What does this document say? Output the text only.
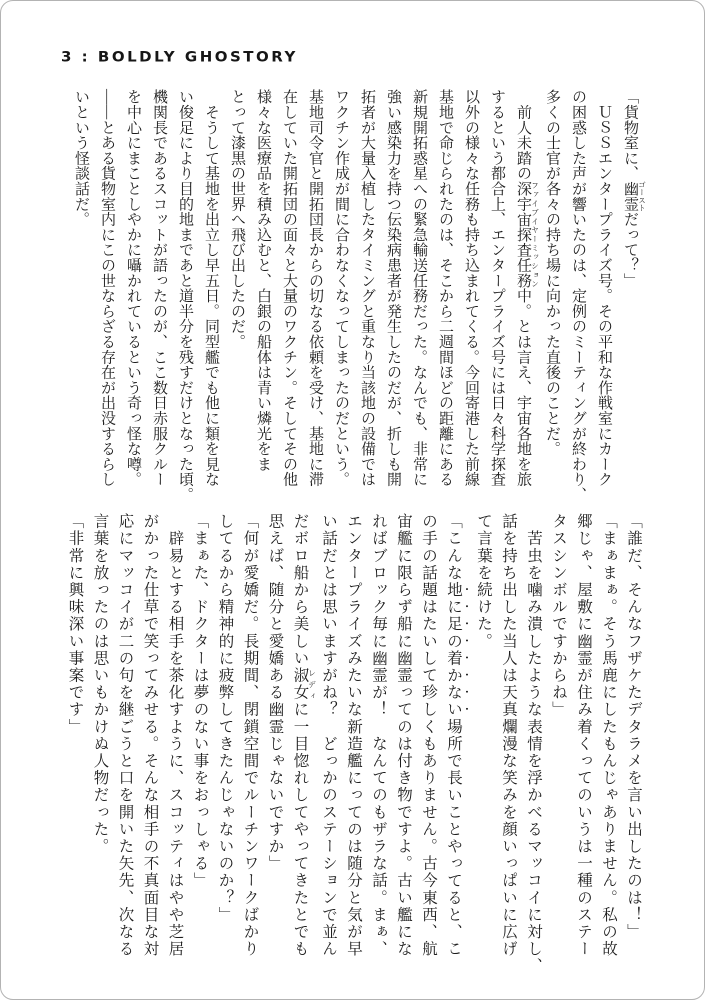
3 : BOLDLY GHOSTORY

「貨物室に、幽霊 ゴーストだって？」

　ＵＳＳエンタープライズ号。その平和な作戦室にカーク

の困惑した声が響いたのは、定例のミーティングが終わり、

多くの士官が各々の持ち場に向かった直後のことだ。

　前人未踏の深宇宙探査任務 ファイブイヤーミッション中。とは言え、宇宙各地を旅

するという都合上、エンタープライズ号には日々科学探査

以外の様々な任務も持ち込まれてくる。今回寄港した前線

基地で命じられたのは、そこから二週間ほどの距離にある

新規開拓惑星への緊急輸送任務だった。なんでも、非常に

強い感染力を持つ伝染病患者が発生したのだが、折しも開

拓者が大量入植したタイミングと重なり当該地の設備では

ワクチン作成が間に合わなくなってしまったのだという。

基地司令官と開拓団長からの切なる依頼を受け、基地に滞

在していた開拓団の面々と大量のワクチン。そしてその他

様々な医療品を積み込むと、白銀の船体は青い燐光をま

とって漆黒の世界へ飛び出したのだ。

　そうして基地を出立し早五日。同型艦でも他に類を見な

い俊足により目的地まであと道半分を残すだけとなった頃。

機関長であるスコットが語ったのが、ここ数日赤服クルー

を中心にまことしやかに囁かれているという奇っ怪な噂。

——とある貨物室内にこの世ならざる存在が出没するらし

いという怪談話だ。

「誰だ、そんなフザケたデタラメを言い出したのは！」

「まぁまぁ。そう馬鹿にしたもんじゃありません。私の故

郷じゃ、屋敷に幽霊が住み着くってのいうは一種のステー

タスシンボルですからね」

　苦虫を噛み潰したような表情を浮かべるマッコイに対し、

話を持ち出した当人は天真爛漫な笑みを顔いっぱいに広げ

て言葉を続けた。

「こんな地に足の着かない場所で長いことやってると、こ

の手の話題はたいして珍しくもありません。古今東西、航

宙艦に限らず船に幽霊ってのは付き物ですよ。古い艦にな

ればブロック毎に幽霊が！　なんてのもザラな話。まぁ、

エンタープライズみたいな新造艦にってのは随分と気が早

い話だとは思いますがね？　どっかのステーションで並ん

だボロ船から美しい淑女 レディに一目惚れしてやってきたとでも

思えば、随分と愛嬌ある幽霊じゃないですか」

「何が愛嬌だ。長期間、閉鎖空間でルーチンワークばかり

してるから精神的に疲弊してきたんじゃないのか？」

「まぁた、ドクターは夢のない事をおっしゃる」

　辟易とする相手を茶化すように、スコッティはやや芝居

がかった仕草で笑ってみせる。そんな相手の不真面目な対

応にマッコイが二の句を継ごうと口を開いた矢先、次なる

言葉を放ったのは思いもかけぬ人物だった。

「非常に興味深い事案です」
